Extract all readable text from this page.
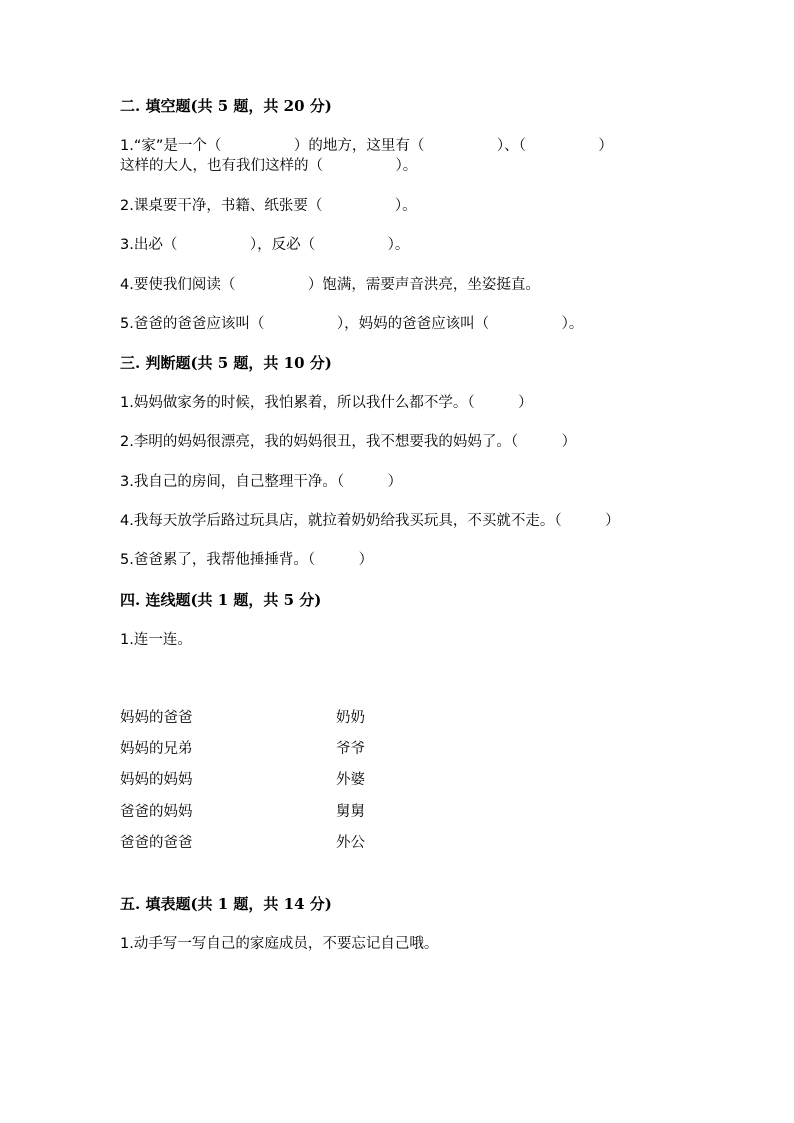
二. 填空题(共 5 题，共 20 分)
1.“家”是一个（　　　　　）的地方，这里有（　　　　　）、（　　　　　）
这样的大人，也有我们这样的（　　　　　）。
2.课桌要干净，书籍、纸张要（　　　　　）。
3.出必（　　　　　），反必（　　　　　）。
4.要使我们阅读（　　　　　）饱满，需要声音洪亮，坐姿挺直。
5.爸爸的爸爸应该叫（　　　　　），妈妈的爸爸应该叫（　　　　　）。
三. 判断题(共 5 题，共 10 分)
1.妈妈做家务的时候，我怕累着，所以我什么都不学。（　　　）
2.李明的妈妈很漂亮，我的妈妈很丑，我不想要我的妈妈了。（　　　）
3.我自己的房间，自己整理干净。（　　　）
4.我每天放学后路过玩具店，就拉着奶奶给我买玩具，不买就不走。（　　　）
5.爸爸累了，我帮他捶捶背。（　　　）
四. 连线题(共 1 题，共 5 分)
1.连一连。
妈妈的爸爸	奶奶
妈妈的兄弟	爷爷
妈妈的妈妈	外婆
爸爸的妈妈	舅舅
爸爸的爸爸	外公
五. 填表题(共 1 题，共 14 分)
1.动手写一写自己的家庭成员，不要忘记自己哦。
